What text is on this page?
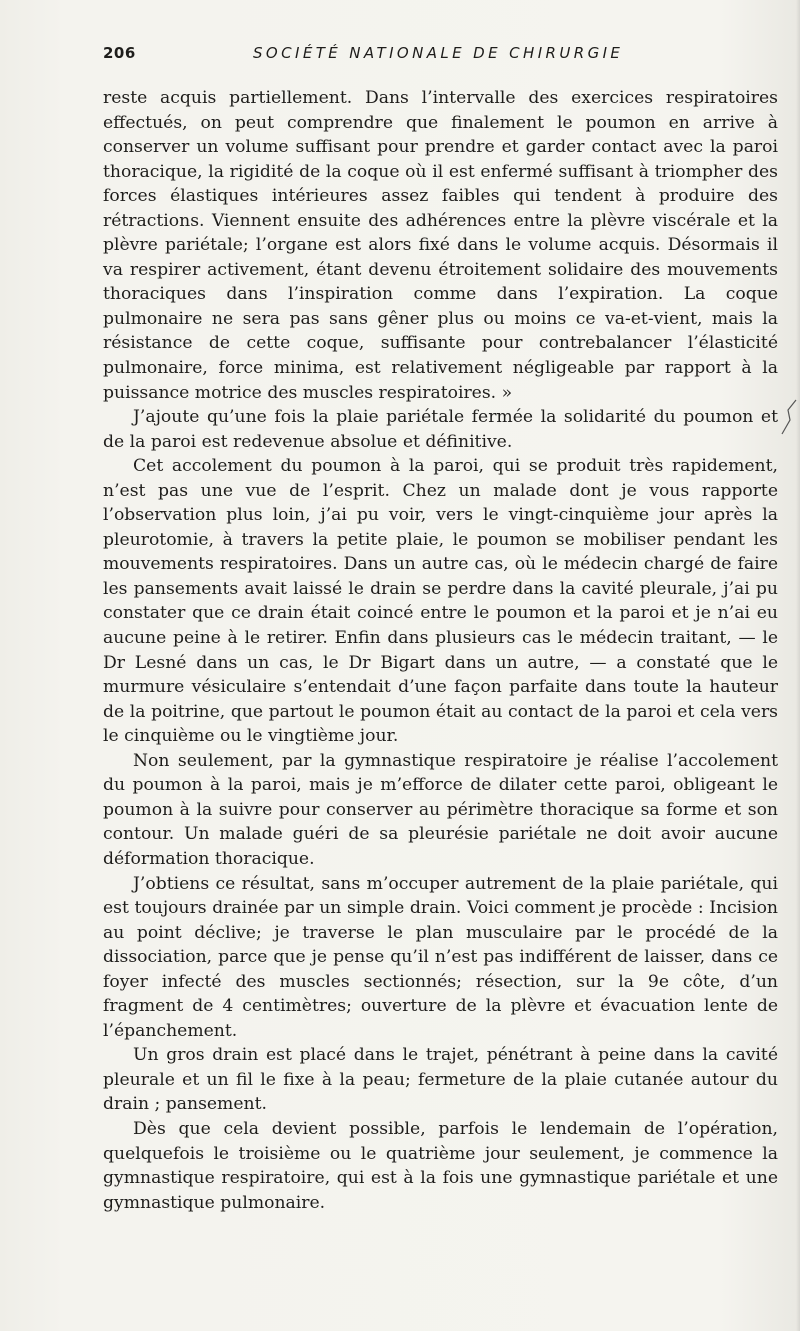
206	SOCIÉTÉ NATIONALE DE CHIRURGIE

reste acquis partiellement. Dans l’intervalle des exercices respiratoires effectués, on peut comprendre que finalement le poumon en arrive à conserver un volume suffisant pour prendre et garder contact avec la paroi thoracique, la rigidité de la coque où il est enfermé suffisant à triompher des forces élastiques intérieures assez faibles qui tendent à produire des rétractions. Viennent ensuite des adhérences entre la plèvre viscérale et la plèvre pariétale; l’organe est alors fixé dans le volume acquis. Désormais il va respirer activement, étant devenu étroitement solidaire des mouvements thoraciques dans l’inspiration comme dans l’expiration. La coque pulmonaire ne sera pas sans gêner plus ou moins ce va-et-vient, mais la résistance de cette coque, suffisante pour contrebalancer l’élasticité pulmonaire, force minima, est relativement négligeable par rapport à la puissance motrice des muscles respiratoires. »

J’ajoute qu’une fois la plaie pariétale fermée la solidarité du poumon et de la paroi est redevenue absolue et définitive.

Cet accolement du poumon à la paroi, qui se produit très rapidement, n’est pas une vue de l’esprit. Chez un malade dont je vous rapporte l’observation plus loin, j’ai pu voir, vers le vingt-cinquième jour après la pleurotomie, à travers la petite plaie, le poumon se mobiliser pendant les mouvements respiratoires. Dans un autre cas, où le médecin chargé de faire les pansements avait laissé le drain se perdre dans la cavité pleurale, j’ai pu constater que ce drain était coincé entre le poumon et la paroi et je n’ai eu aucune peine à le retirer. Enfin dans plusieurs cas le médecin traitant, — le Dr Lesné dans un cas, le Dr Bigart dans un autre, — a constaté que le murmure vésiculaire s’entendait d’une façon parfaite dans toute la hauteur de la poitrine, que partout le poumon était au contact de la paroi et cela vers le cinquième ou le vingtième jour.

Non seulement, par la gymnastique respiratoire je réalise l’accolement du poumon à la paroi, mais je m’efforce de dilater cette paroi, obligeant le poumon à la suivre pour conserver au périmètre thoracique sa forme et son contour. Un malade guéri de sa pleurésie pariétale ne doit avoir aucune déformation thoracique.

J’obtiens ce résultat, sans m’occuper autrement de la plaie pariétale, qui est toujours drainée par un simple drain. Voici comment je procède : Incision au point déclive; je traverse le plan musculaire par le procédé de la dissociation, parce que je pense qu’il n’est pas indifférent de laisser, dans ce foyer infecté des muscles sectionnés; résection, sur la 9e côte, d’un fragment de 4 centimètres; ouverture de la plèvre et évacuation lente de l’épanchement.

Un gros drain est placé dans le trajet, pénétrant à peine dans la cavité pleurale et un fil le fixe à la peau; fermeture de la plaie cutanée autour du drain ; pansement.

Dès que cela devient possible, parfois le lendemain de l’opération, quelquefois le troisième ou le quatrième jour seulement, je commence la gymnastique respiratoire, qui est à la fois une gymnastique pariétale et une gymnastique pulmonaire.
